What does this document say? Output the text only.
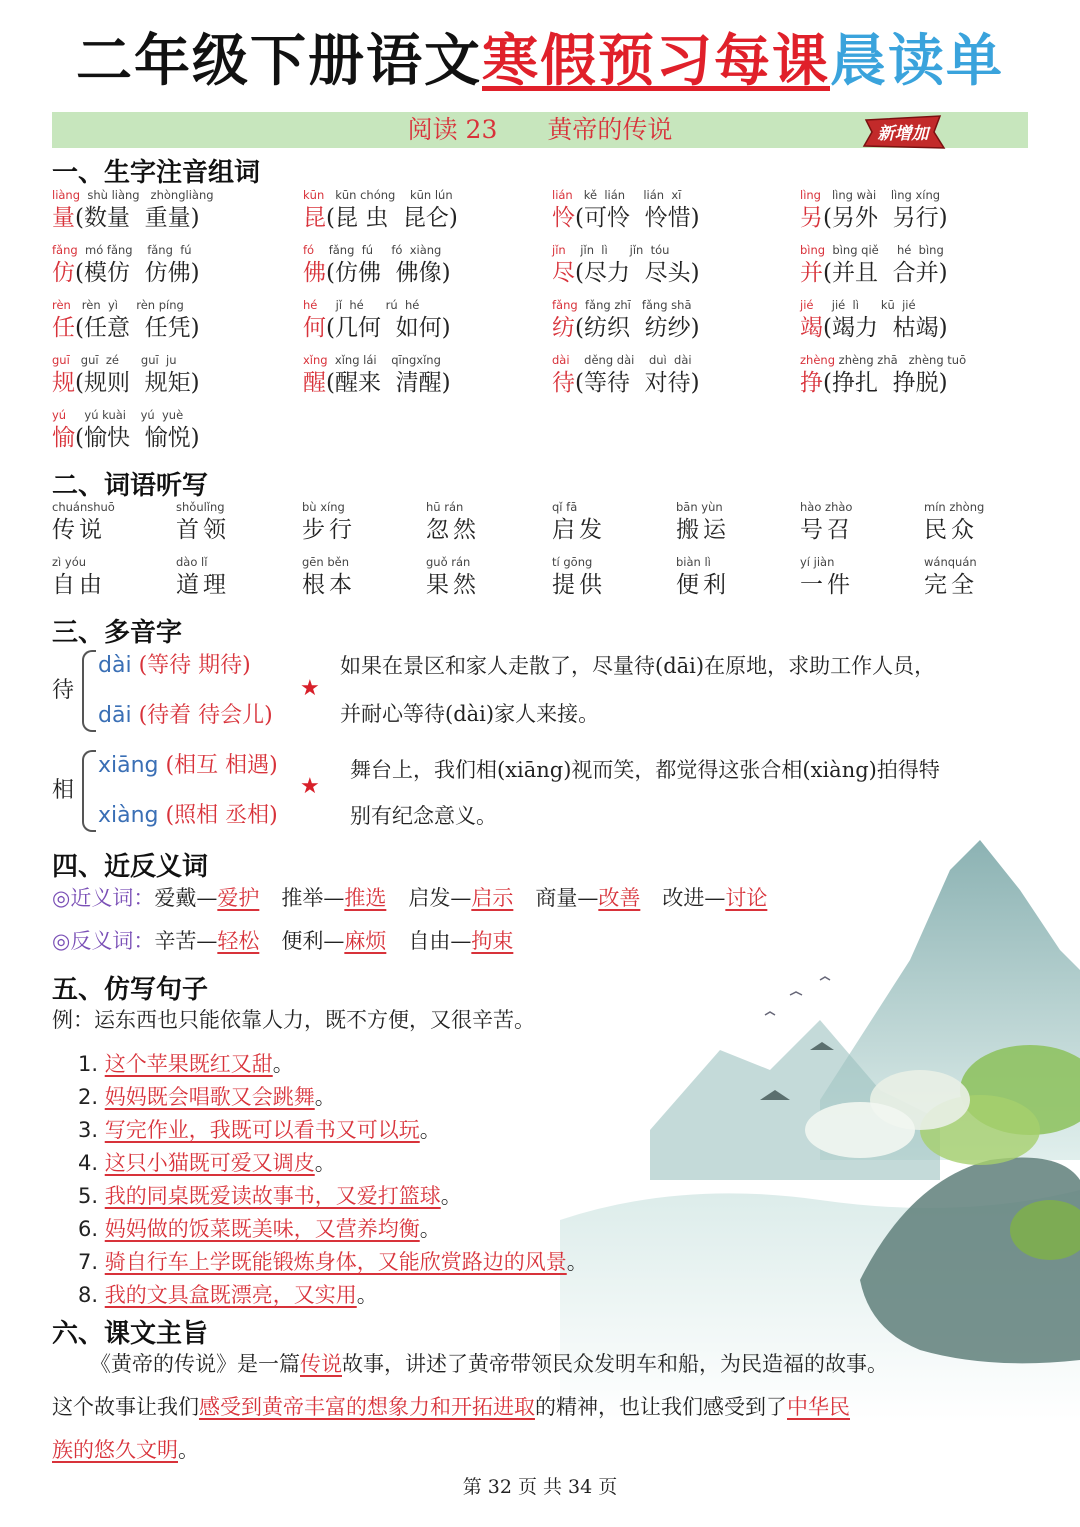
二年级下册语文寒假预习每课晨读单
阅读 23　　黄帝的传说	新增加
一、生字注音组词
liàng  shù liàng   zhòngliàng
量(数量  重量)
kūn   kūn chóng    kūn lún
昆(昆 虫  昆仑)
lián   kě  lián     lián  xī
怜(可怜  怜惜)
lìng   lìng wài    lìng xíng
另(另外  另行)
fǎng  mó fǎng    fǎng  fú
仿(模仿  仿佛)
fó    fǎng  fú     fó  xiàng
佛(仿佛  佛像)
jǐn    jǐn  lì      jǐn  tóu
尽(尽力  尽头)
bìng  bìng qiě     hé  bìng
并(并且  合并)
rèn   rèn  yì     rèn píng
任(任意  任凭)
hé     jǐ  hé      rú  hé
何(几何  如何)
fǎng  fǎng zhī   fǎng shā
纺(纺织  纺纱)
jié     jié  lì      kū  jié
竭(竭力  枯竭)
guī   guī  zé      guī  ju
规(规则  规矩)
xǐng  xǐng lái    qīngxǐng
醒(醒来  清醒)
dài    děng dài    duì  dài
待(等待  对待)
zhèng zhèng zhā   zhèng tuō
挣(挣扎  挣脱)
yú     yú kuài    yú  yuè
愉(愉快  愉悦)
二、词语听写
chuánshuō
传说
shǒulǐng
首领
bù xíng
步行
hū rán
忽然
qǐ fā
启发
bān yùn
搬运
hào zhào
号召
mín zhòng
民众
zì yóu
自由
dào lǐ
道理
gēn běn
根本
guǒ rán
果然
tí gōng
提供
biàn lì
便利
yí jiàn
一件
wánquán
完全
三、多音字
待
dài (等待 期待)
dāi (待着 待会儿)
★
如果在景区和家人走散了，尽量待(dāi)在原地，求助工作人员，
并耐心等待(dài)家人来接。
相
xiāng (相互 相遇)
xiàng (照相 丞相)
★
舞台上，我们相(xiāng)视而笑，都觉得这张合相(xiàng)拍得特
别有纪念意义。
四、近反义词
◎近义词：爱戴—爱护 推举—推选 启发—启示 商量—改善 改进—讨论
◎反义词：辛苦—轻松 便利—麻烦 自由—拘束
五、仿写句子
例：运东西也只能依靠人力，既不方便，又很辛苦。
1. 这个苹果既红又甜。
2. 妈妈既会唱歌又会跳舞。
3. 写完作业，我既可以看书又可以玩。
4. 这只小猫既可爱又调皮。
5. 我的同桌既爱读故事书，又爱打篮球。
6. 妈妈做的饭菜既美味，又营养均衡。
7. 骑自行车上学既能锻炼身体，又能欣赏路边的风景。
8. 我的文具盒既漂亮，又实用。
六、课文主旨
《黄帝的传说》是一篇传说故事，讲述了黄帝带领民众发明车和船，为民造福的故事。
这个故事让我们感受到黄帝丰富的想象力和开拓进取的精神，也让我们感受到了中华民
族的悠久文明。
第 32 页 共 34 页
